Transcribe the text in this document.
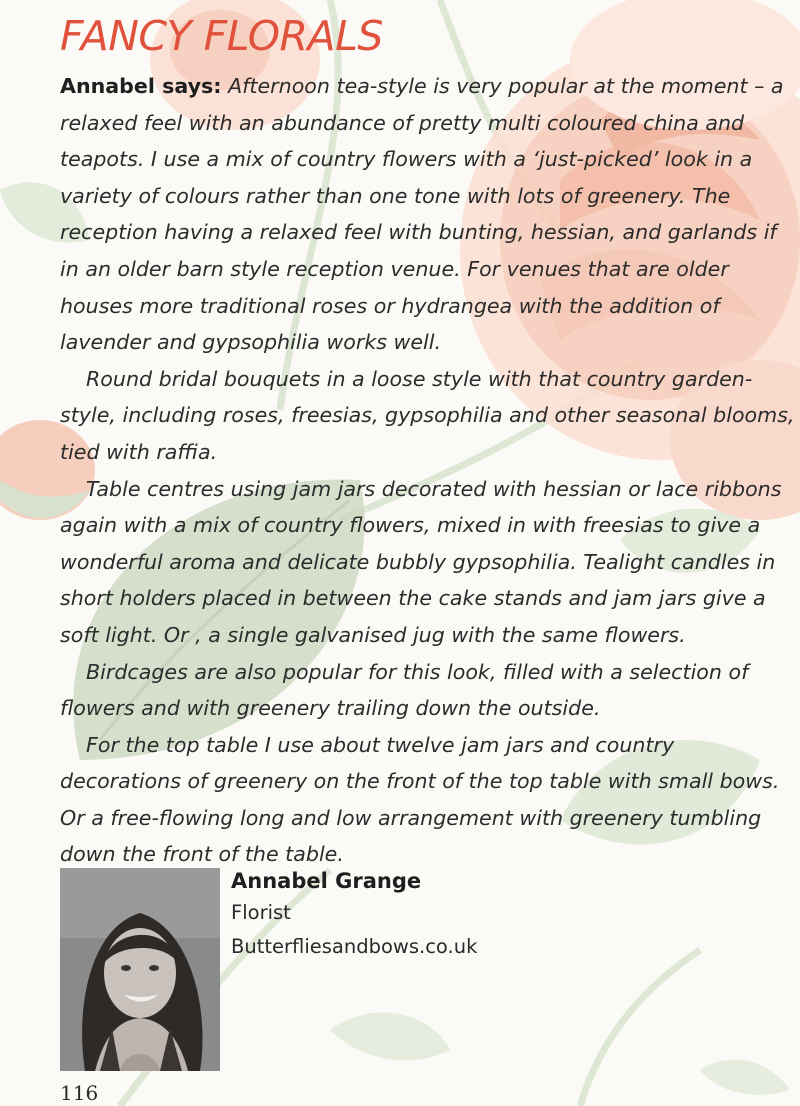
FANCY FLORALS

Annabel says: Afternoon tea-style is very popular at the moment – a relaxed feel with an abundance of pretty multi coloured china and teapots. I use a mix of country flowers with a ‘just-picked’ look in a variety of colours rather than one tone with lots of greenery. The reception having a relaxed feel with bunting, hessian, and garlands if in an older barn style reception venue. For venues that are older houses more traditional roses or hydrangea with the addition of lavender and gypsophilia works well.

Round bridal bouquets in a loose style with that country garden-style, including roses, freesias, gypsophilia and other seasonal blooms, tied with raffia.

Table centres using jam jars decorated with hessian or lace ribbons again with a mix of country flowers, mixed in with freesias to give a wonderful aroma and delicate bubbly gypsophilia. Tealight candles in short holders placed in between the cake stands and jam jars give a soft light. Or , a single galvanised jug with the same flowers.

Birdcages are also popular for this look, filled with a selection of flowers and with greenery trailing down the outside.

For the top table I use about twelve jam jars and country decorations of greenery on the front of the top table with small bows. Or a free-flowing long and low arrangement with greenery tumbling down the front of the table.

Annabel Grange
Florist
Butterfliesandbows.co.uk
116
